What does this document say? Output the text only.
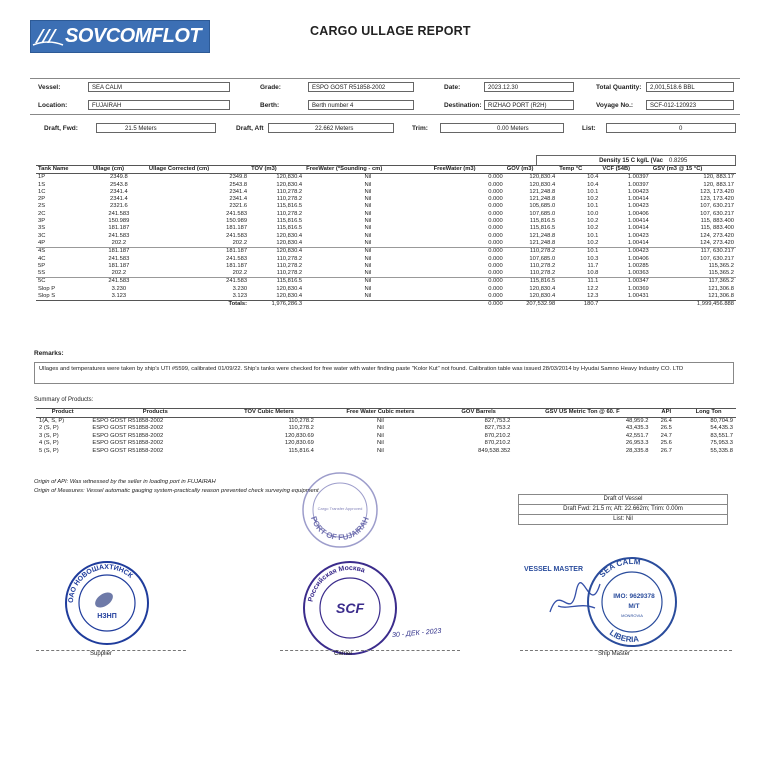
SOVCOMFLOT	CARGO ULLAGE REPORT
Vessel:	SEA CALM	Grade:	ESPO GOST R51858-2002	Date:	2023.12.30	Total Quantity:	2,001,518.6 BBL
Location:	FUJAIRAH	Berth:	Berth number 4	Destination:	RIZHAO PORT (R2H)	Voyage No.:	SCF-012-120923
Draft, Fwd:	21.5 Meters	Draft, Aft	22.662 Meters	Trim:	0.00 Meters	List:	0
Density 15 C kg/L (Vac	0.8295
Tank Name	Ullage (cm)	Ullage Corrected (cm)	TOV (m3)	FreeWater (*Sounding - cm)	FreeWater (m3)	GOV (m3)	Temp °C	VCF (54B)	GSV (m3 @ 15 °C)
1P	2349.8	2349.8	120,830.4	Nil	0.000	120,830.4	10.4	1.00397	120, 883.17
1S	2543.8	2543.8	120,830.4	Nil	0.000	120,830.4	10.4	1.00397	120, 883.17
1C	2341.4	2341.4	110,278.2	Nil	0.000	121,248.8	10.1	1.00423	123, 173.420
2P	2341.4	2341.4	110,278.2	Nil	0.000	121,248.8	10.2	1.00414	123, 173.420
2S	2321.6	2321.6	115,816.5	Nil	0.000	105,685.0	10.1	1.00423	107, 630.217
2C	241.583	241.583	110,278.2	Nil	0.000	107,685.0	10.0	1.00406	107, 630.217
3P	150.989	150.989	115,816.5	Nil	0.000	115,816.5	10.2	1.00414	115, 883.400
3S	181.187	181.187	115,816.5	Nil	0.000	115,816.5	10.2	1.00414	115, 883.400
3C	241.583	241.583	120,830.4	Nil	0.000	121,248.8	10.1	1.00423	124, 273.420
4P	202.2	202.2	120,830.4	Nil	0.000	121,248.8	10.2	1.00414	124, 273.420
4S	181.187	181.187	120,830.4	Nil	0.000	110,278.2	10.1	1.00423	117, 630.217
4C	241.583	241.583	110,278.2	Nil	0.000	107,685.0	10.3	1.00406	107, 630.217
5P	181.187	181.187	110,278.2	Nil	0.000	110,278.2	11.7	1.00285	115,365.2
5S	202.2	202.2	110,278.2	Nil	0.000	110,278.2	10.8	1.00363	115,365.2
5C	241.583	241.583	115,816.5	Nil	0.000	115,816.5	11.1	1.00347	117,365.2
Slop P	3.230	3.230	120,830.4	Nil	0.000	120,830.4	12.2	1.00369	121,306.8
Slop S	3.123	3.123	120,830.4	Nil	0.000	120,830.4	12.3	1.00431	121,306.8
		Totals:	1,976,286.3		0.000	207,532.98	180.7		1,999,456.888
Remarks:
Ullages and temperatures were taken by ship's UTI #5599, calibrated 01/09/22. Ship's tanks were checked for free water with water finding paste "Kolor Kut" not found. Calibration table was issued 28/03/2014 by Hyudai Samno Heavy Industry CO. LTD
Summary of Products:
Product	Products	TOV Cubic Meters	Free Water Cubic meters	GOV Barrels	GSV US Metric Ton @ 60. F	API	Long Ton
1(A, S, P)	ESPO GOST R51858-2002	110,278.2	Nil	827,753.2	48,959.2	26.4	80,704.9
2 (S, P)	ESPO GOST R51858-2002	110,278.2	Nil	827,753.2	43,435.3	26.5	54,435.3
3 (S, P)	ESPO GOST R51858-2002	120,830.69	Nil	870,210.2	42,551.7	24.7	83,551.7
4 (S, P)	ESPO GOST R51858-2002	120,830.69	Nil	870,210.2	26,953.3	25.6	75,953.3
5 (S, P)	ESPO GOST R51858-2002	115,816.4	Nil	849,538.352	28,335.8	26.7	55,335.8
Origin of API: Was witnessed by the seller in loading port in FUJAIRAH
Origin of Measures: Vessel automatic gauging system-practically reason prevented check surveying equipment
Draft of Vessel
Draft Fwd: 21.5 m; Aft: 22.662m; Trim: 0.00m
List: Nil
PORT OF FUJAIRAH
Cargo Transfer Approved
ОАО НОВОШАХТИНСК
НЗНП
Российская Москва
SCF
30 - ДЕК - 2023
VESSEL MASTER SEA CALM
LIBERIA
IMO: 9629378
M/T
MONROVIA
Supplier	Carrier	Ship Master
